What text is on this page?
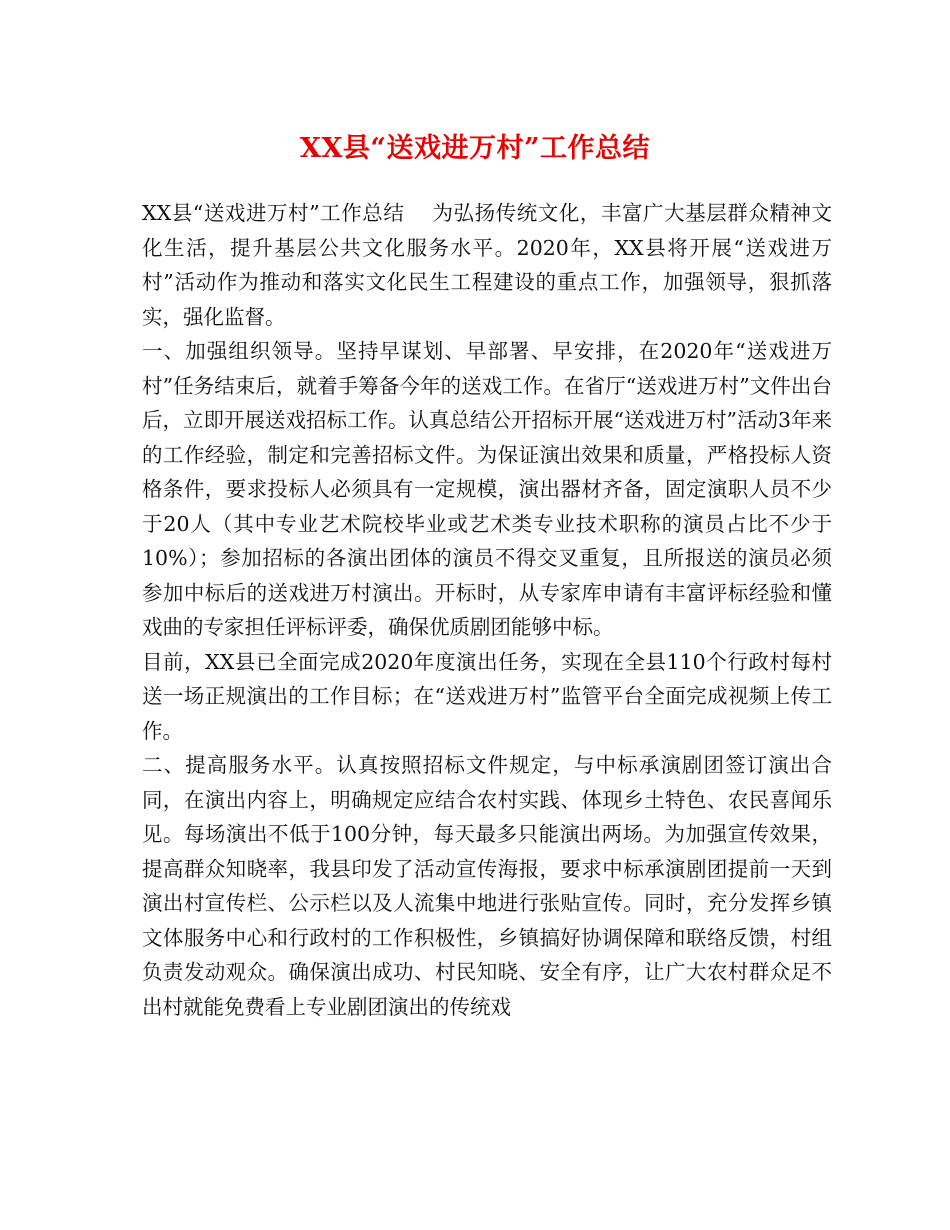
XX县“送戏进万村”工作总结

XX县“送戏进万村”工作总结　 为弘扬传统文化，丰富广大基层群众精神文化生活，提升基层公共文化服务水平。2020年，XX县将开展“送戏进万村”活动作为推动和落实文化民生工程建设的重点工作，加强领导，狠抓落实，强化监督。

一、加强组织领导。坚持早谋划、早部署、早安排，在2020年“送戏进万村”任务结束后，就着手筹备今年的送戏工作。在省厅“送戏进万村”文件出台后，立即开展送戏招标工作。认真总结公开招标开展“送戏进万村”活动3年来的工作经验，制定和完善招标文件。为保证演出效果和质量，严格投标人资格条件，要求投标人必须具有一定规模，演出器材齐备，固定演职人员不少于20人（其中专业艺术院校毕业或艺术类专业技术职称的演员占比不少于10%）；参加招标的各演出团体的演员不得交叉重复，且所报送的演员必须参加中标后的送戏进万村演出。开标时，从专家库申请有丰富评标经验和懂戏曲的专家担任评标评委，确保优质剧团能够中标。

目前，XX县已全面完成2020年度演出任务，实现在全县110个行政村每村送一场正规演出的工作目标；在“送戏进万村”监管平台全面完成视频上传工作。

二、提高服务水平。认真按照招标文件规定，与中标承演剧团签订演出合同，在演出内容上，明确规定应结合农村实践、体现乡土特色、农民喜闻乐见。每场演出不低于100分钟，每天最多只能演出两场。为加强宣传效果，提高群众知晓率，我县印发了活动宣传海报，要求中标承演剧团提前一天到演出村宣传栏、公示栏以及人流集中地进行张贴宣传。同时，充分发挥乡镇文体服务中心和行政村的工作积极性，乡镇搞好协调保障和联络反馈，村组负责发动观众。确保演出成功、村民知晓、安全有序，让广大农村群众足不出村就能免费看上专业剧团演出的传统戏
